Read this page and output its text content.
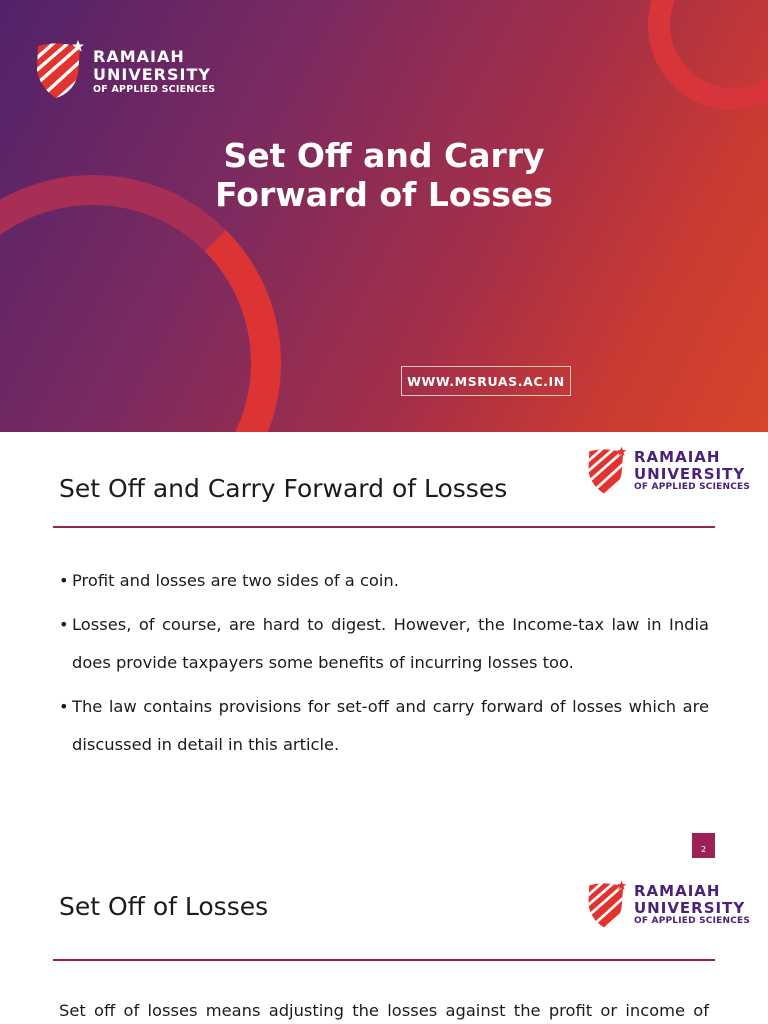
RAMAIAH
UNIVERSITY
OF APPLIED SCIENCES
Set Off and Carry
Forward of Losses
WWW.MSRUAS.AC.IN
Set Off and Carry Forward of Losses
RAMAIAH
UNIVERSITY
OF APPLIED SCIENCES
• Profit and losses are two sides of a coin.
• Losses, of course, are hard to digest. However, the Income-tax law in India does provide taxpayers some benefits of incurring losses too.
• The law contains provisions for set-off and carry forward of losses which are discussed in detail in this article.
2
Set Off of Losses
RAMAIAH
UNIVERSITY
OF APPLIED SCIENCES

Set off of losses means adjusting the losses against the profit or income of
